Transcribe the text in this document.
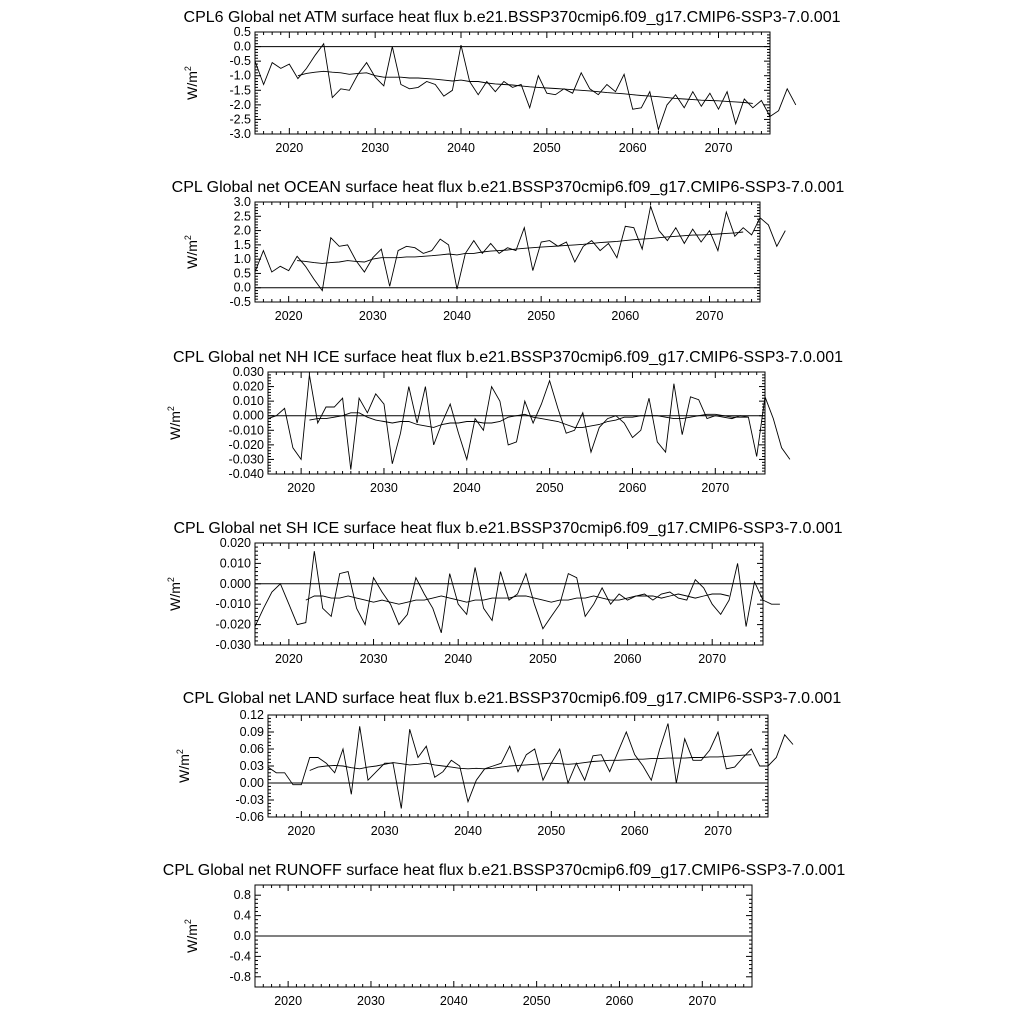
CPL6 Global net ATM surface heat flux b.e21.BSSP370cmip6.f09_g17.CMIP6-SSP3-7.0.001
$W/m^2$
0.5
0.0
-0.5
-1.0
-1.5
-2.0
-2.5
-3.0
2020	2030	2040	2050	2060	2070
CPL Global net OCEAN surface heat flux b.e21.BSSP370cmip6.f09_g17.CMIP6-SSP3-7.0.001
$W/m^2$
3.0
2.5
2.0
1.5
1.0
0.5
0.0
-0.5
2020	2030	2040	2050	2060	2070
CPL Global net NH ICE surface heat flux b.e21.BSSP370cmip6.f09_g17.CMIP6-SSP3-7.0.001
$W/m^2$
0.030
0.020
0.010
0.000
-0.010
-0.020
-0.030
-0.040
2020	2030	2040	2050	2060	2070
CPL Global net SH ICE surface heat flux b.e21.BSSP370cmip6.f09_g17.CMIP6-SSP3-7.0.001
$W/m^2$
0.020
0.010
0.000
-0.010
-0.020
-0.030
2020	2030	2040	2050	2060	2070
CPL Global net LAND surface heat flux b.e21.BSSP370cmip6.f09_g17.CMIP6-SSP3-7.0.001
$W/m^2$
0.12
0.09
0.06
0.03
0.00
-0.03
-0.06
2020	2030	2040	2050	2060	2070
CPL Global net RUNOFF surface heat flux b.e21.BSSP370cmip6.f09_g17.CMIP6-SSP3-7.0.001
$W/m^2$
0.8
0.4
0.0
-0.4
-0.8
2020	2030	2040	2050	2060	2070
